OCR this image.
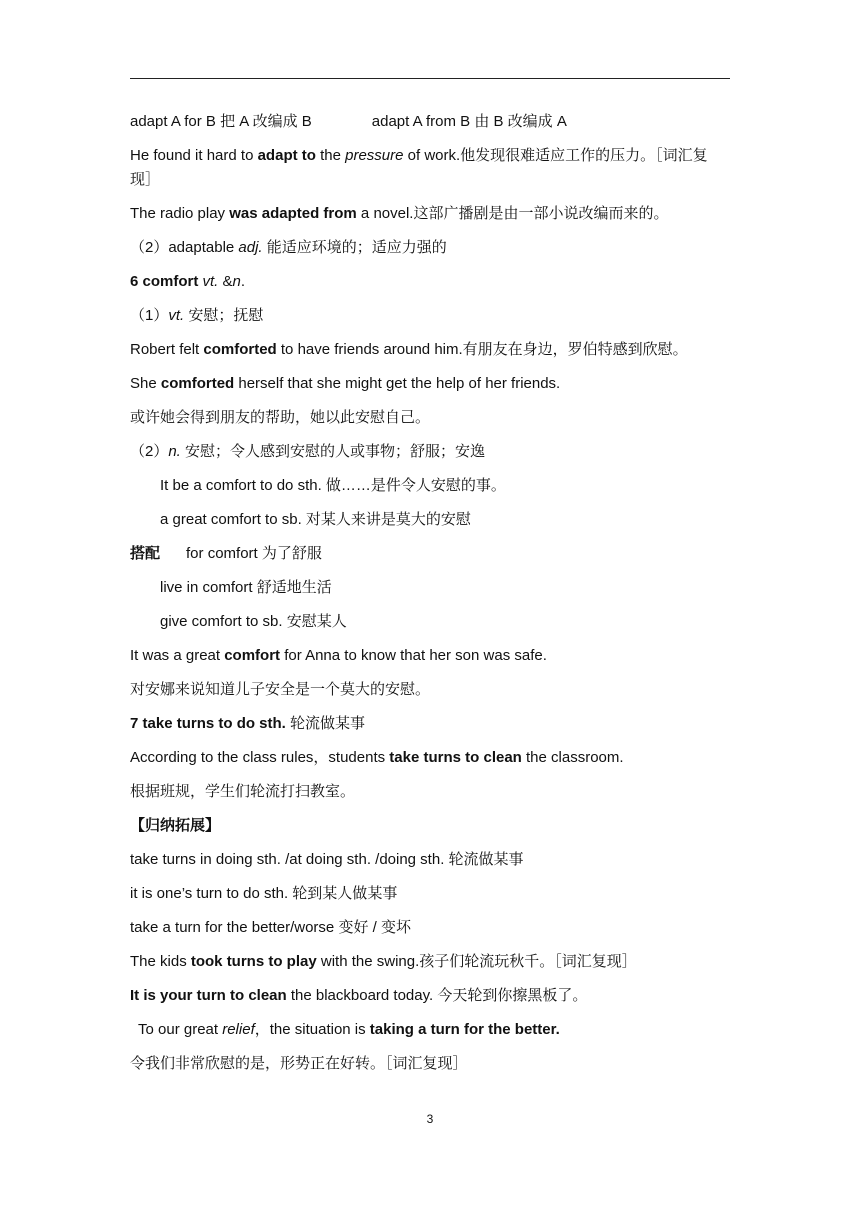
adapt A for B 把 A 改编成 B	adapt A from B 由 B 改编成 A
He found it hard to adapt to the pressure of work.他发现很难适应工作的压力。［词汇复现］
The radio play was adapted from a novel.这部广播剧是由一部小说改编而来的。
（2）adaptable adj. 能适应环境的；适应力强的
6 comfort vt. &n.
（1）vt. 安慰；抚慰
Robert felt comforted to have friends around him.有朋友在身边，罗伯特感到欣慰。
She comforted herself that she might get the help of her friends.
或许她会得到朋友的帮助，她以此安慰自己。
（2）n. 安慰；令人感到安慰的人或事物；舒服；安逸
It be a comfort to do sth. 做……是件令人安慰的事。
a great comfort to sb. 对某人来讲是莫大的安慰
搭配 for comfort 为了舒服
live in comfort 舒适地生活
give comfort to sb. 安慰某人
It was a great comfort for Anna to know that her son was safe.
对安娜来说知道儿子安全是一个莫大的安慰。
7 take turns to do sth. 轮流做某事
According to the class rules，students take turns to clean the classroom.
根据班规，学生们轮流打扫教室。
【归纳拓展】
take turns in doing sth. /at doing sth. /doing sth. 轮流做某事
it is one’s turn to do sth. 轮到某人做某事
take a turn for the better/worse 变好 / 变坏
The kids took turns to play with the swing.孩子们轮流玩秋千。［词汇复现］
It is your turn to clean the blackboard today. 今天轮到你擦黑板了。
To our great relief，the situation is taking a turn for the better.
令我们非常欣慰的是，形势正在好转。［词汇复现］
3
